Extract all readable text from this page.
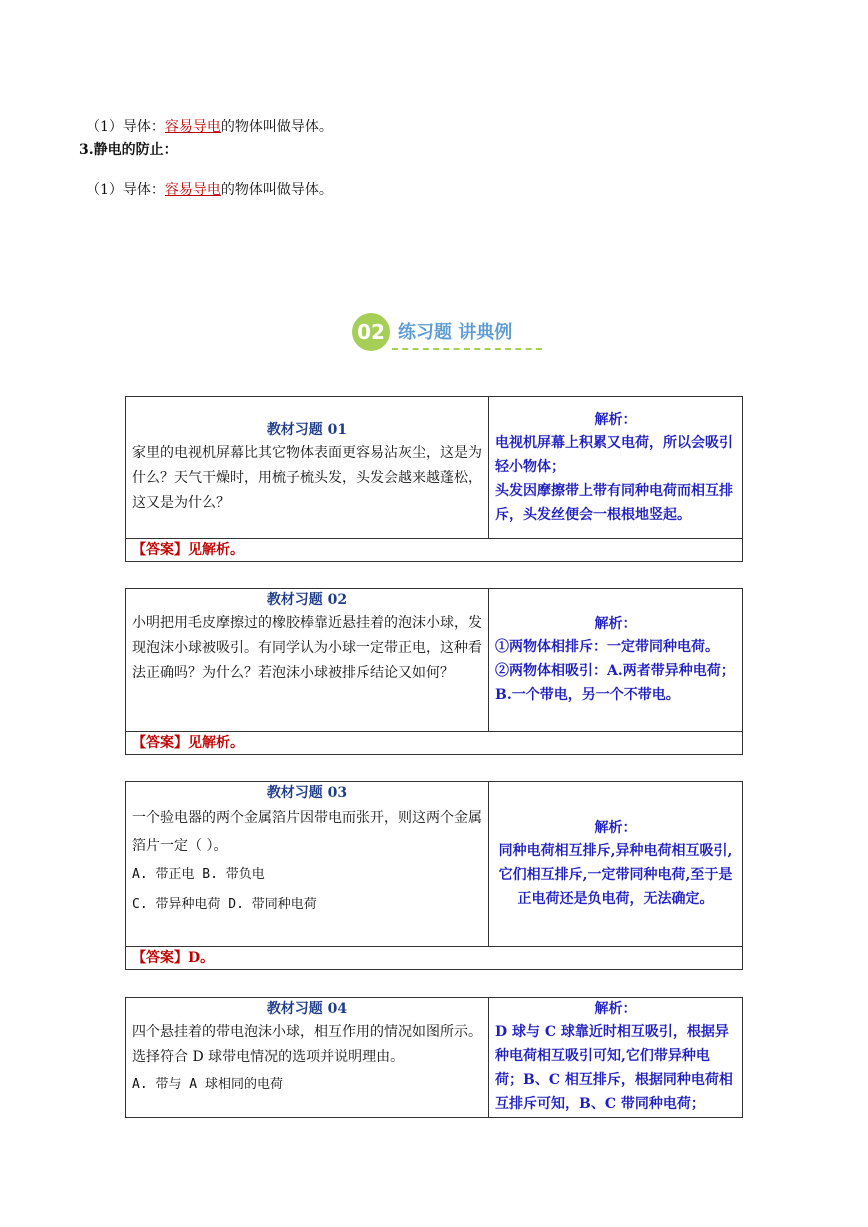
（1）导体：容易导电的物体叫做导体。
3.静电的防止：
（1）导体：容易导电的物体叫做导体。
02 练习题 讲典例
教材习题 01
家里的电视机屏幕比其它物体表面更容易沾灰尘，这是为什么？天气干燥时，用梳子梳头发，头发会越来越蓬松，这又是为什么？
解析：
电视机屏幕上积累又电荷，所以会吸引轻小物体；
头发因摩擦带上带有同种电荷而相互排斥，头发丝便会一根根地竖起。
【答案】见解析。
教材习题 02
小明把用毛皮摩擦过的橡胶棒靠近悬挂着的泡沫小球，发现泡沫小球被吸引。有同学认为小球一定带正电，这种看法正确吗？为什么？若泡沫小球被排斥结论又如何？
解析：
①两物体相排斥：一定带同种电荷。
②两物体相吸引：A.两者带异种电荷；B.一个带电，另一个不带电。
【答案】见解析。
教材习题 03
一个验电器的两个金属箔片因带电而张开，则这两个金属箔片一定（ ）。
A. 带正电 B. 带负电
C. 带异种电荷 D. 带同种电荷
解析：
同种电荷相互排斥,异种电荷相互吸引,它们相互排斥,一定带同种电荷,至于是正电荷还是负电荷，无法确定。
【答案】D。
教材习题 04
四个悬挂着的带电泡沫小球，相互作用的情况如图所示。选择符合 D 球带电情况的选项并说明理由。
A. 带与 A 球相同的电荷
解析：
D 球与 C 球靠近时相互吸引，根据异种电荷相互吸引可知,它们带异种电荷；B、C 相互排斥，根据同种电荷相互排斥可知，B、C 带同种电荷；
